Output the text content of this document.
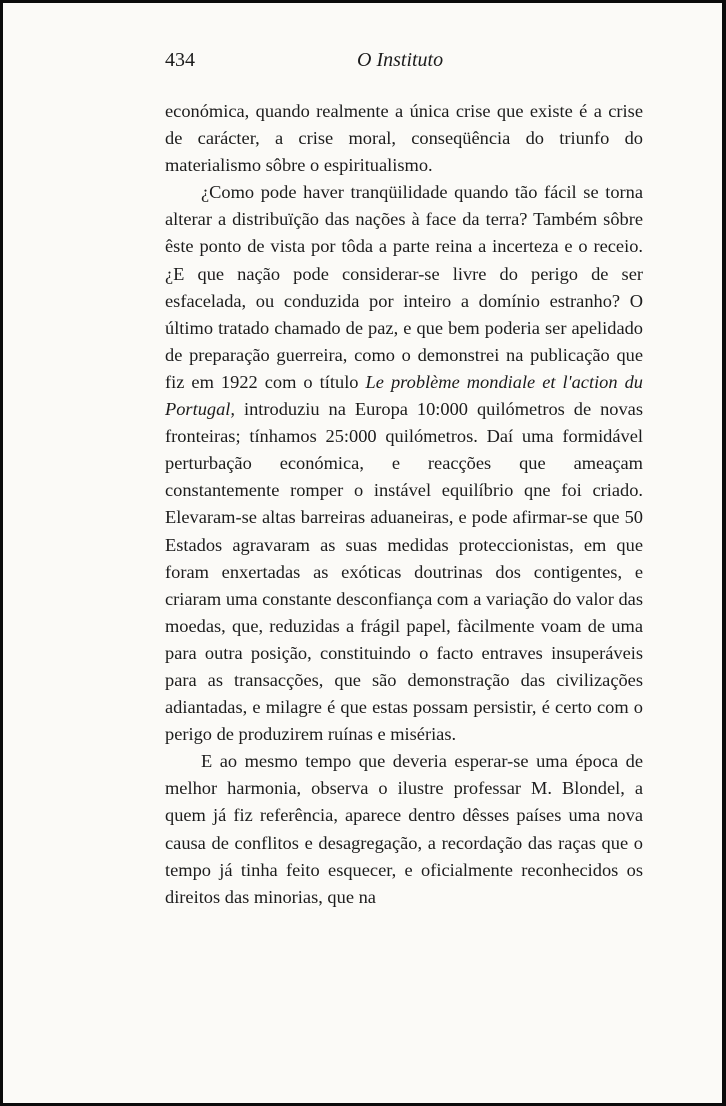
434	O Instituto

económica, quando realmente a única crise que existe é a crise de carácter, a crise moral, conseqüência do triunfo do materialismo sôbre o espiritualismo.

¿Como pode haver tranqüilidade quando tão fácil se torna alterar a distribuïção das nações à face da terra? Também sôbre êste ponto de vista por tôda a parte reina a incerteza e o receio. ¿E que nação pode considerar-se livre do perigo de ser esfacelada, ou conduzida por inteiro a domínio estranho? O último tratado chamado de paz, e que bem poderia ser apelidado de preparação guerreira, como o demonstrei na publicação que fiz em 1922 com o título Le problème mondiale et l'action du Portugal, introduziu na Europa 10:000 quilómetros de novas fronteiras; tínhamos 25:000 quilómetros. Daí uma formidável perturbação económica, e reacções que ameaçam constantemente romper o instável equilíbrio qne foi criado. Elevaram-se altas barreiras aduaneiras, e pode afirmar-se que 50 Estados agravaram as suas medidas proteccionistas, em que foram enxertadas as exóticas doutrinas dos contigentes, e criaram uma constante desconfiança com a variação do valor das moedas, que, reduzidas a frágil papel, fàcilmente voam de uma para outra posição, constituindo o facto entraves insuperáveis para as transacções, que são demonstração das civilizações adiantadas, e milagre é que estas possam persistir, é certo com o perigo de produzirem ruínas e misérias.

E ao mesmo tempo que deveria esperar-se uma época de melhor harmonia, observa o ilustre professar M. Blondel, a quem já fiz referência, aparece dentro dêsses países uma nova causa de conflitos e desagregação, a recordação das raças que o tempo já tinha feito esquecer, e oficialmente reconhecidos os direitos das minorias, que na
